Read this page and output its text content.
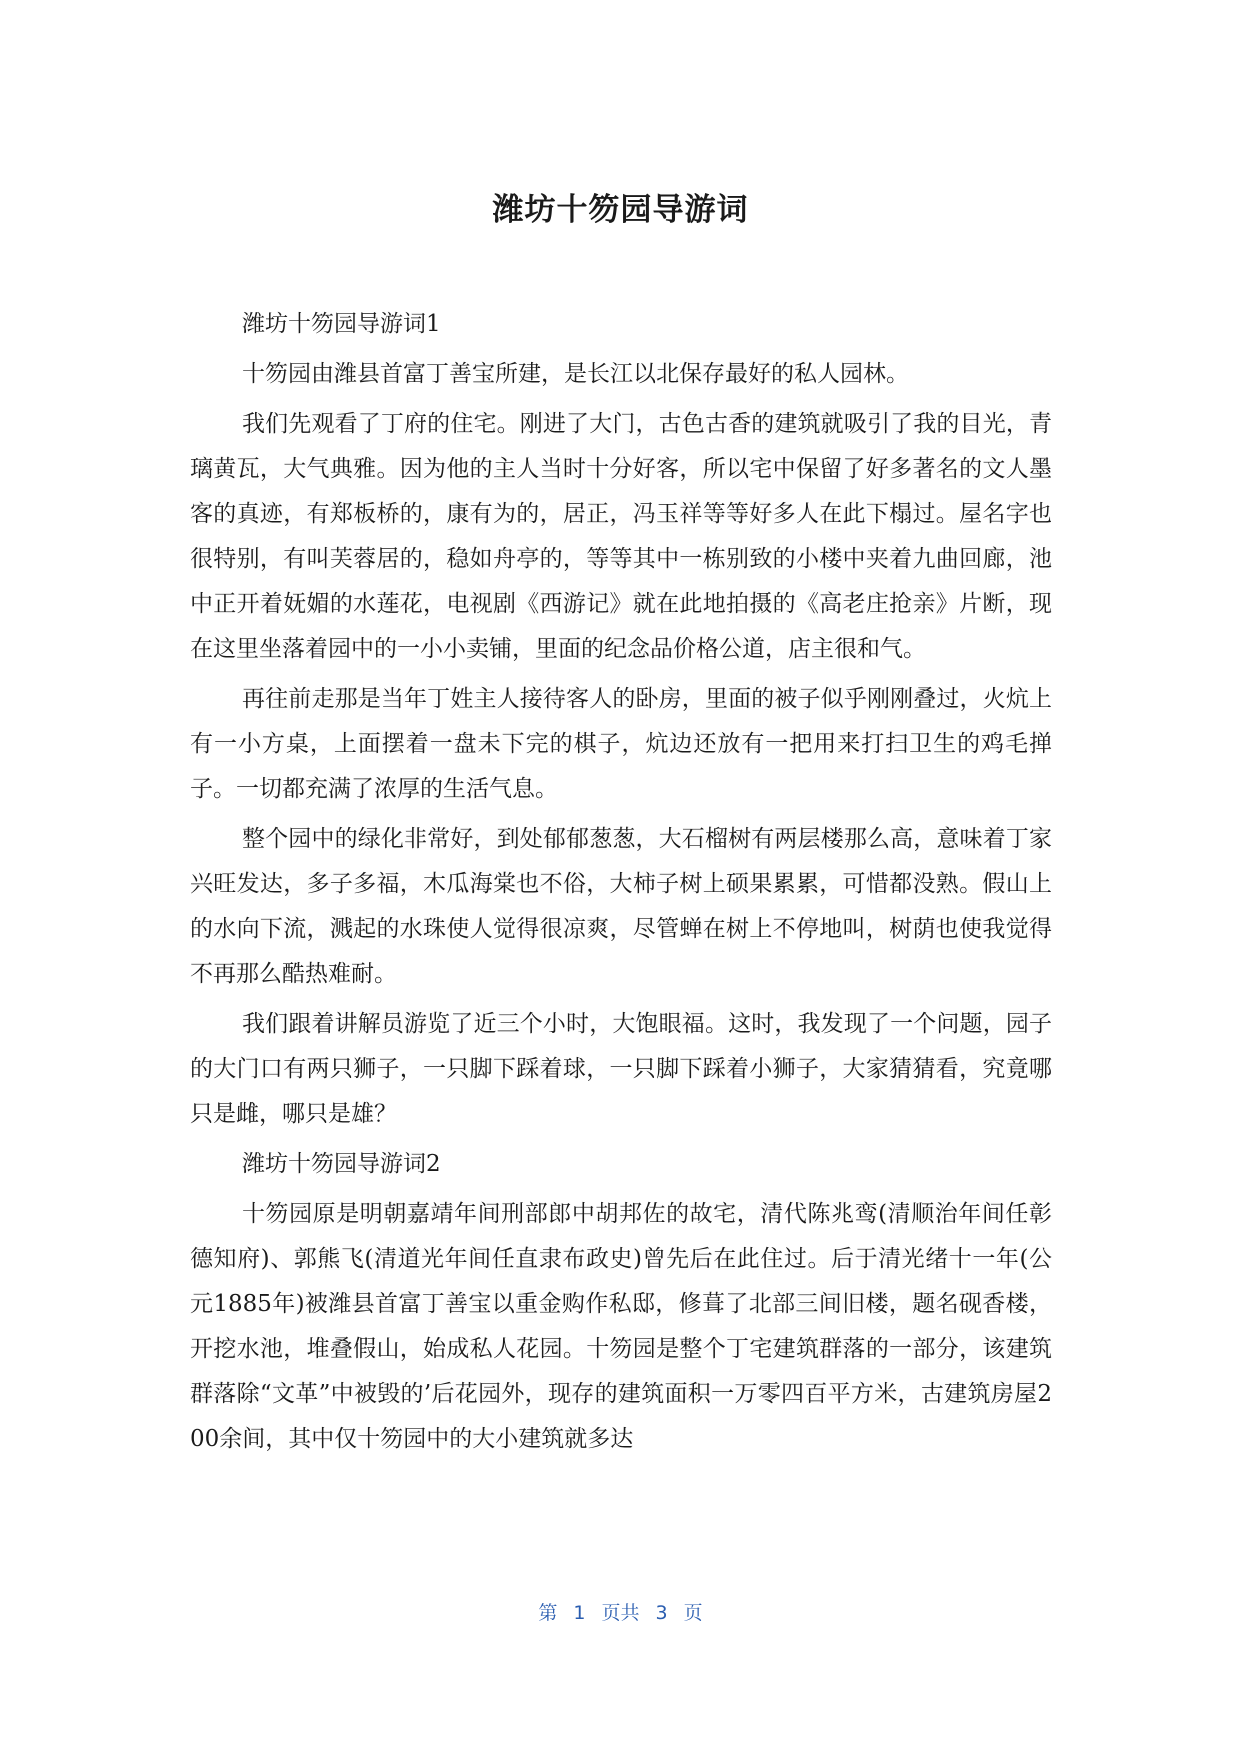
潍坊十笏园导游词

潍坊十笏园导游词1

十笏园由潍县首富丁善宝所建，是长江以北保存最好的私人园林。

我们先观看了丁府的住宅。刚进了大门，古色古香的建筑就吸引了我的目光，青璃黄瓦，大气典雅。因为他的主人当时十分好客，所以宅中保留了好多著名的文人墨客的真迹，有郑板桥的，康有为的，居正，冯玉祥等等好多人在此下榻过。屋名字也很特别，有叫芙蓉居的，稳如舟亭的，等等其中一栋别致的小楼中夹着九曲回廊，池中正开着妩媚的水莲花，电视剧《西游记》就在此地拍摄的《高老庄抢亲》片断，现在这里坐落着园中的一小小卖铺，里面的纪念品价格公道，店主很和气。

再往前走那是当年丁姓主人接待客人的卧房，里面的被子似乎刚刚叠过，火炕上有一小方桌，上面摆着一盘未下完的棋子，炕边还放有一把用来打扫卫生的鸡毛掸子。一切都充满了浓厚的生活气息。

整个园中的绿化非常好，到处郁郁葱葱，大石榴树有两层楼那么高，意味着丁家兴旺发达，多子多福，木瓜海棠也不俗，大柿子树上硕果累累，可惜都没熟。假山上的水向下流，溅起的水珠使人觉得很凉爽，尽管蝉在树上不停地叫，树荫也使我觉得不再那么酷热难耐。

我们跟着讲解员游览了近三个小时，大饱眼福。这时，我发现了一个问题，园子的大门口有两只狮子，一只脚下踩着球，一只脚下踩着小狮子，大家猜猜看，究竟哪只是雌，哪只是雄？

潍坊十笏园导游词2

十笏园原是明朝嘉靖年间刑部郎中胡邦佐的故宅，清代陈兆鸾(清顺治年间任彰德知府)、郭熊飞(清道光年间任直隶布政史)曾先后在此住过。后于清光绪十一年(公元1885年)被潍县首富丁善宝以重金购作私邸，修葺了北部三间旧楼，题名砚香楼，开挖水池，堆叠假山，始成私人花园。十笏园是整个丁宅建筑群落的一部分，该建筑群落除“文革”中被毁的’后花园外，现存的建筑面积一万零四百平方米，古建筑房屋200余间，其中仅十笏园中的大小建筑就多达

第 1 页共 3 页
